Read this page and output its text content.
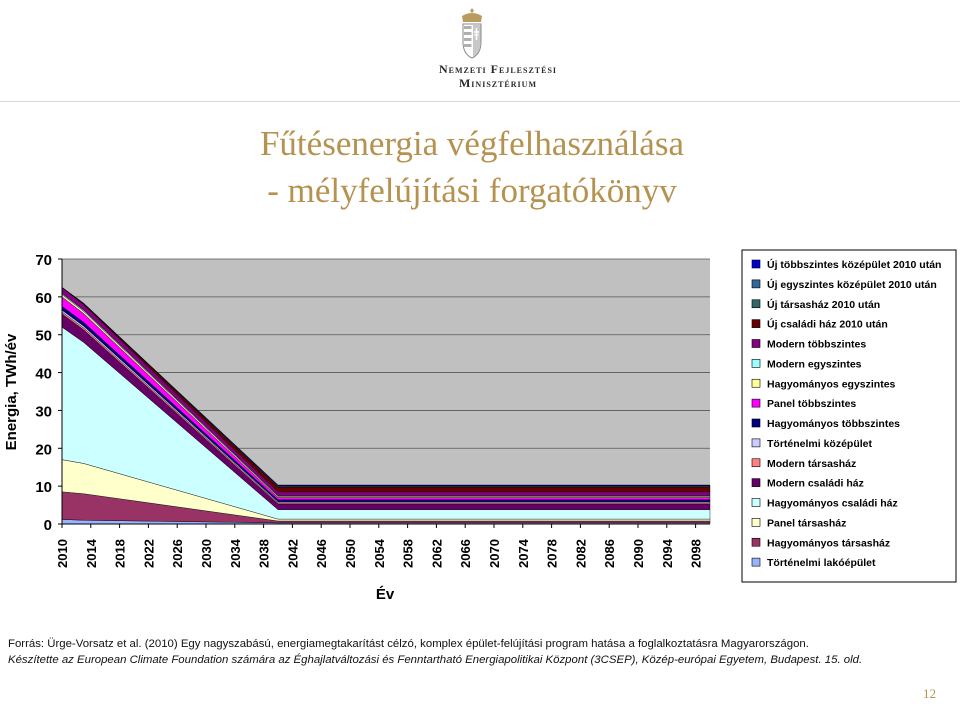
Nemzeti Fejlesztési
Minisztérium
Fűtésenergia végfelhasználása
- mélyfelújítási forgatókönyv
0
10
20
30
40
50
60
70
2010 2014 2018 2022 2026 2030 2034 2038 2042 2046 2050 2054 2058 2062 2066 2070 2074 2078 2082 2086 2090 2094 2098
Energia, TWh/év
Év
Új többszintes középület 2010 után
Új egyszintes középület 2010 után
Új társasház 2010 után
Új családi ház 2010 után
Modern többszintes
Modern egyszintes
Hagyományos egyszintes
Panel többszintes
Hagyományos többszintes
Történelmi középület
Modern társasház
Modern családi ház
Hagyományos családi ház
Panel társasház
Hagyományos társasház
Történelmi lakóépület
Forrás: Ürge-Vorsatz et al. (2010) Egy nagyszabású, energiamegtakarítást célzó, komplex épület-felújítási program hatása a foglalkoztatásra Magyarországon.
Készítette az European Climate Foundation számára az Éghajlatváltozási és Fenntartható Energiapolitikai Központ (3CSEP), Közép-európai Egyetem, Budapest. 15. old.
12
